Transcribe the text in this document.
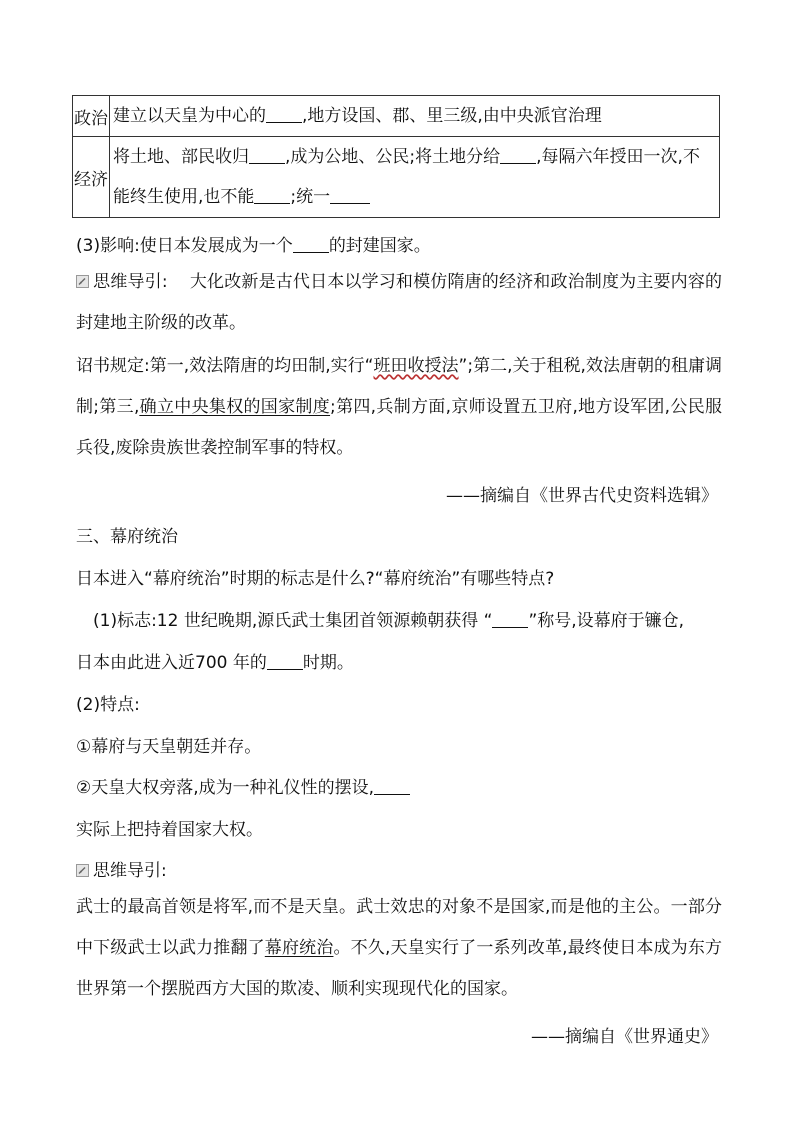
政治	建立以天皇为中心的 ,地方设国、郡、里三级,由中央派官治理
经济	将土地、部民收归 ,成为公地、公民;将土地分给 ,每隔六年授田一次,不能终生使用,也不能 ;统一
(3)影响:使日本发展成为一个 的封建国家。
思维导引: 大化改新是古代日本以学习和模仿隋唐的经济和政治制度为主要内容的封建地主阶级的改革。
诏书规定:第一,效法隋唐的均田制,实行“班田收授法”;第二,关于租税,效法唐朝的租庸调制;第三,确立中央集权的国家制度;第四,兵制方面,京师设置五卫府,地方设军团,公民服兵役,废除贵族世袭控制军事的特权。
——摘编自《世界古代史资料选辑》
三、幕府统治
日本进入“幕府统治”时期的标志是什么?“幕府统治”有哪些特点?
(1)标志:12 世纪晚期,源氏武士集团首领源赖朝获得 “ ”称号,设幕府于镰仓,
日本由此进入近700 年的 时期。
(2)特点:
①幕府与天皇朝廷并存。
②天皇大权旁落,成为一种礼仪性的摆设,
实际上把持着国家大权。
思维导引:
武士的最高首领是将军,而不是天皇。武士效忠的对象不是国家,而是他的主公。一部分中下级武士以武力推翻了幕府统治。不久,天皇实行了一系列改革,最终使日本成为东方世界第一个摆脱西方大国的欺凌、顺利实现现代化的国家。
——摘编自《世界通史》
